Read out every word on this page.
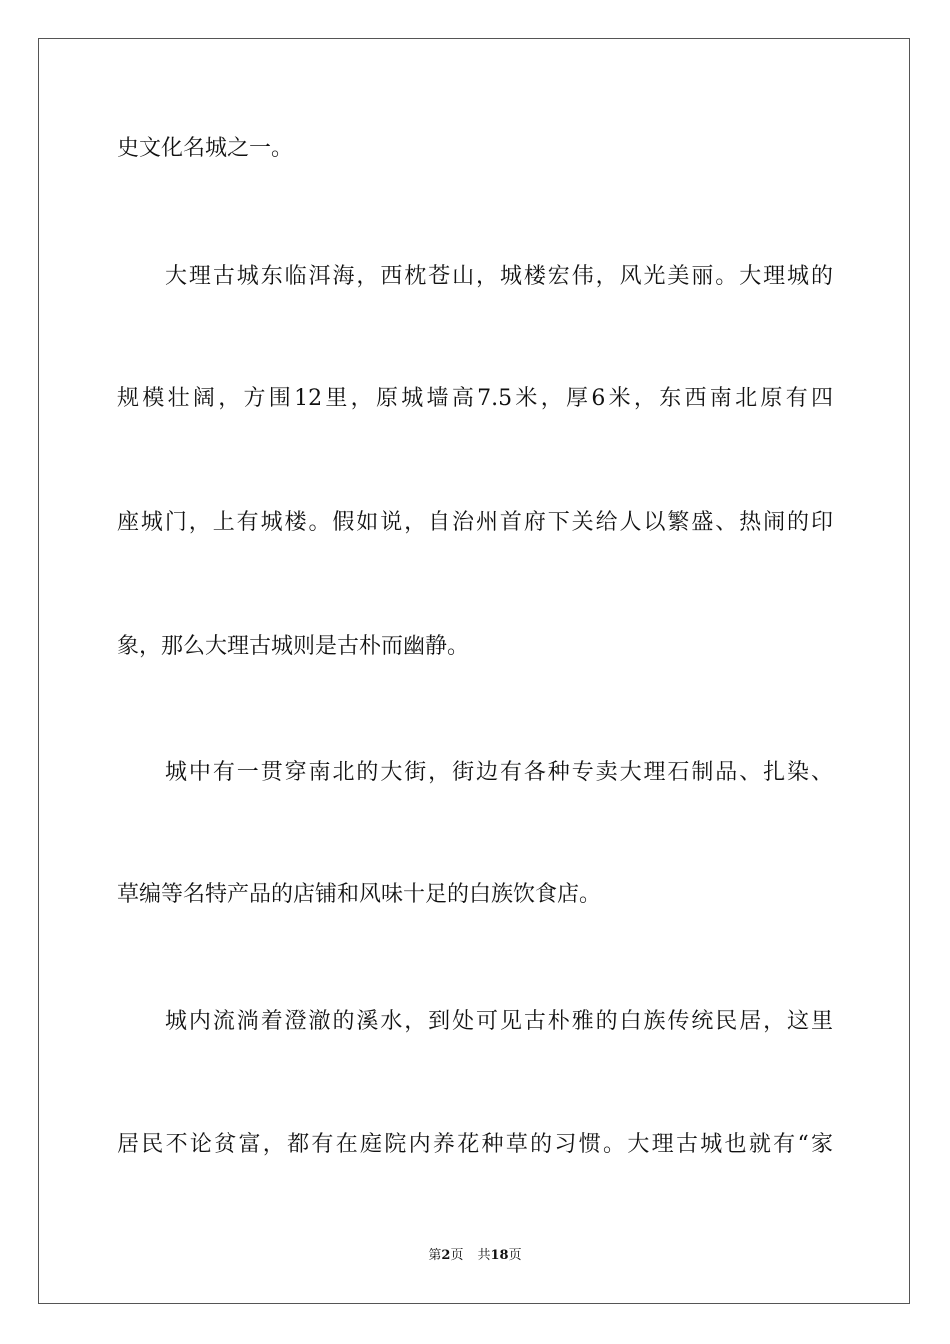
史文化名城之一。
大理古城东临洱海，西枕苍山，城楼宏伟，风光美丽。大理城的
规模壮阔，方围12里，原城墙高7.5米，厚6米，东西南北原有四
座城门，上有城楼。假如说，自治州首府下关给人以繁盛、热闹的印
象，那么大理古城则是古朴而幽静。
城中有一贯穿南北的大街，街边有各种专卖大理石制品、扎染、
草编等名特产品的店铺和风味十足的白族饮食店。
城内流淌着澄澈的溪水，到处可见古朴雅的白族传统民居，这里
居民不论贫富，都有在庭院内养花种草的习惯。大理古城也就有“家
第2页 共18页
